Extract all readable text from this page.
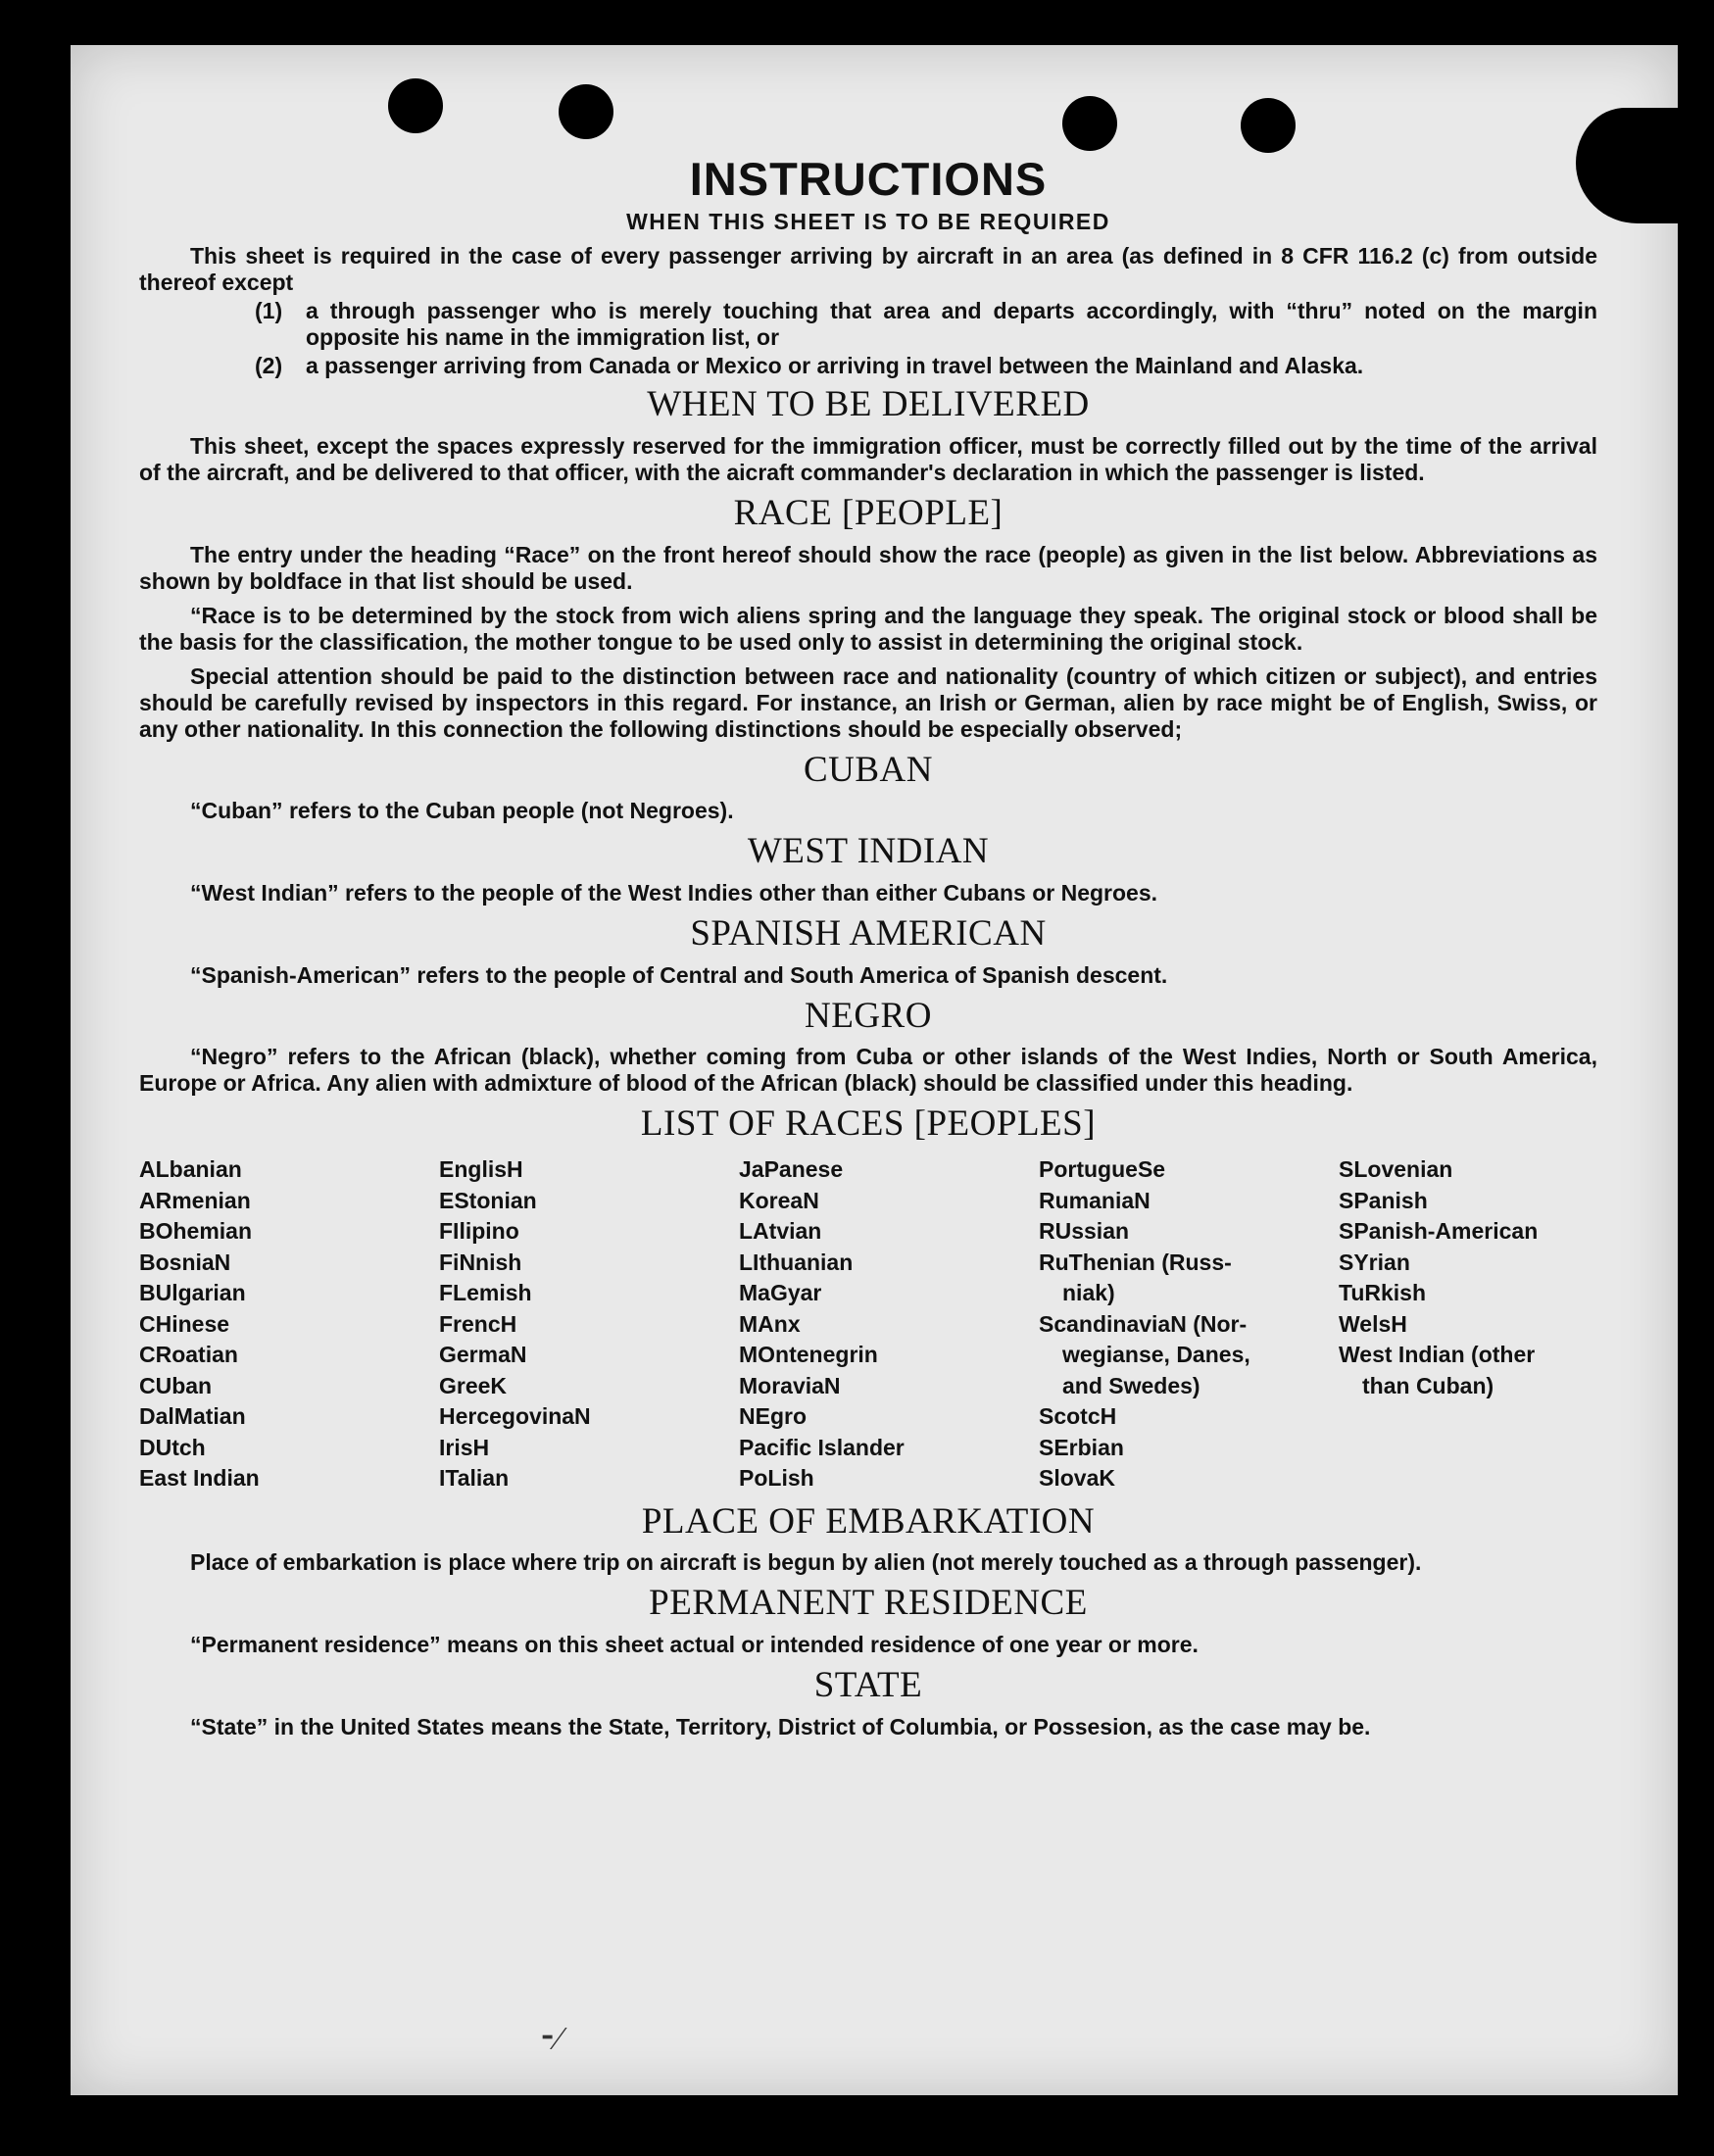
INSTRUCTIONS
WHEN THIS SHEET IS TO BE REQUIRED

This sheet is required in the case of every passenger arriving by aircraft in an area (as defined in 8 CFR 116.2 (c) from outside thereof except

(1)	a through passenger who is merely touching that area and departs accordingly, with “thru” noted on the margin opposite his name in the immigration list, or
(2)	a passenger arriving from Canada or Mexico or arriving in travel between the Mainland and Alaska.
WHEN TO BE DELIVERED

This sheet, except the spaces expressly reserved for the immigration officer, must be correctly filled out by the time of the arrival of the aircraft, and be delivered to that officer, with the aicraft commander's declaration in which the passenger is listed.

RACE [PEOPLE]

The entry under the heading “Race” on the front hereof should show the race (people) as given in the list below. Abbreviations as shown by boldface in that list should be used.

“Race is to be determined by the stock from wich aliens spring and the language they speak. The original stock or blood shall be the basis for the classification, the mother tongue to be used only to assist in determining the original stock.

Special attention should be paid to the distinction between race and nationality (country of which citizen or subject), and entries should be carefully revised by inspectors in this regard. For instance, an Irish or German, alien by race might be of English, Swiss, or any other nationality. In this connection the following distinctions should be especially observed;

CUBAN

“Cuban” refers to the Cuban people (not Negroes).

WEST INDIAN

“West Indian” refers to the people of the West Indies other than either Cubans or Negroes.

SPANISH AMERICAN

“Spanish-American” refers to the people of Central and South America of Spanish descent.

NEGRO

“Negro” refers to the African (black), whether coming from Cuba or other islands of the West Indies, North or South America, Europe or Africa. Any alien with admixture of blood of the African (black) should be classified under this heading.

LIST OF RACES [PEOPLES]
ALbanian
ARmenian
BOhemian
BosniaN
BUlgarian
CHinese
CRoatian
CUban
DalMatian
DUtch
East Indian
EnglisH
EStonian
FIlipino
FiNnish
FLemish
FrencH
GermaN
GreeK
HercegovinaN
IrisH
ITalian
JaPanese
KoreaN
LAtvian
LIthuanian
MaGyar
MAnx
MOntenegrin
MoraviaN
NEgro
Pacific Islander
PoLish
PortugueSe
RumaniaN
RUssian
RuThenian (Russ-
niak)
ScandinaviaN (Nor-
wegianse, Danes,
and Swedes)
ScotcH
SErbian
SlovaK
SLovenian
SPanish
SPanish-American
SYrian
TuRkish
WelsH
West Indian (other
than Cuban)
PLACE OF EMBARKATION

Place of embarkation is place where trip on aircraft is begun by alien (not merely touched as a through passenger).

PERMANENT RESIDENCE

“Permanent residence” means on this sheet actual or intended residence of one year or more.

STATE

“State” in the United States means the State, Territory, District of Columbia, or Possesion, as the case may be.

⁃⁄
